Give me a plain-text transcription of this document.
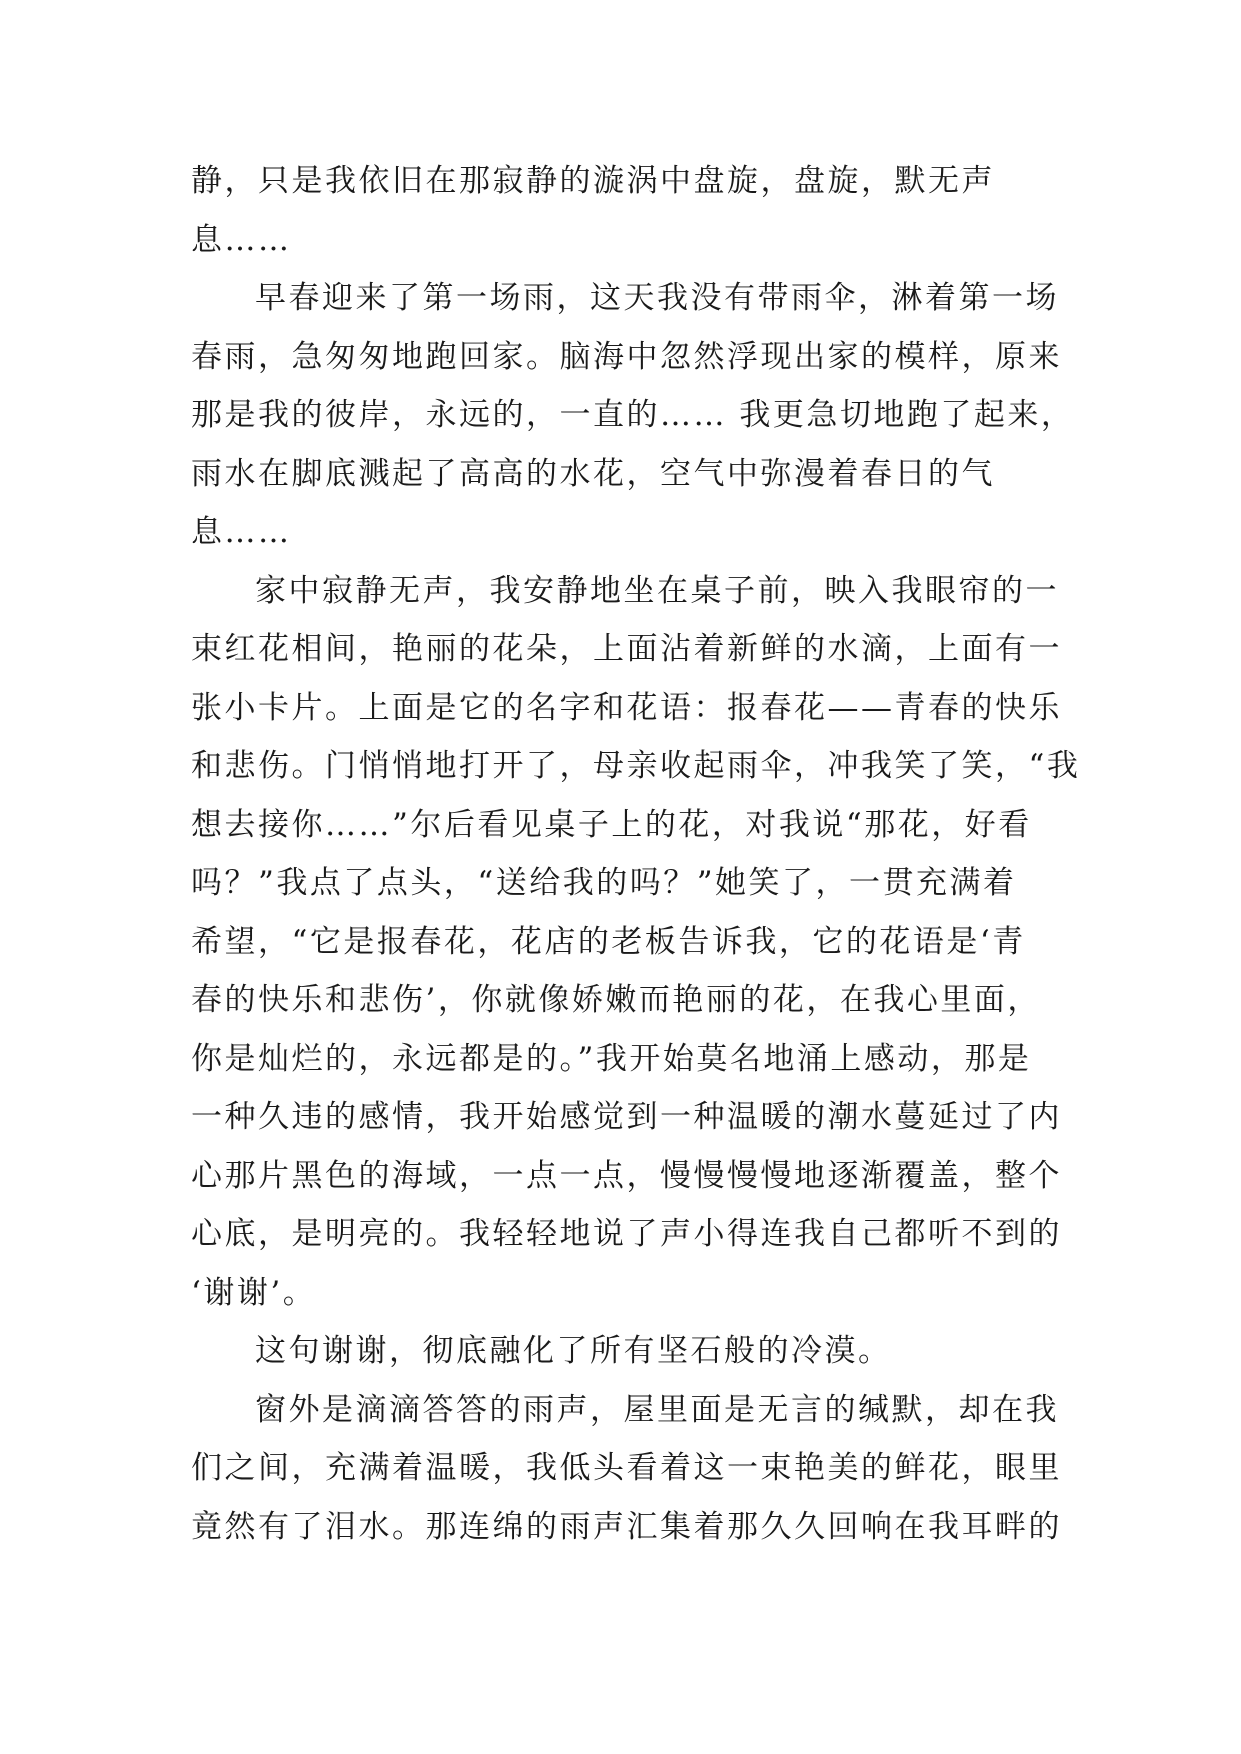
静，只是我依旧在那寂静的漩涡中盘旋，盘旋，默无声
息……
早春迎来了第一场雨，这天我没有带雨伞，淋着第一场
春雨，急匆匆地跑回家。脑海中忽然浮现出家的模样，原来
那是我的彼岸，永远的，一直的…… 我更急切地跑了起来，
雨水在脚底溅起了高高的水花，空气中弥漫着春日的气
息……
家中寂静无声，我安静地坐在桌子前，映入我眼帘的一
束红花相间，艳丽的花朵，上面沾着新鲜的水滴，上面有一
张小卡片。上面是它的名字和花语：报春花——青春的快乐
和悲伤。门悄悄地打开了，母亲收起雨伞，冲我笑了笑，“我
想去接你……”尔后看见桌子上的花，对我说“那花，好看
吗？”我点了点头，“送给我的吗？”她笑了，一贯充满着
希望，“它是报春花，花店的老板告诉我，它的花语是‘青
春的快乐和悲伤’，你就像娇嫩而艳丽的花，在我心里面，
你是灿烂的，永远都是的。”我开始莫名地涌上感动，那是
一种久违的感情，我开始感觉到一种温暖的潮水蔓延过了内
心那片黑色的海域，一点一点，慢慢慢慢地逐渐覆盖，整个
心底，是明亮的。我轻轻地说了声小得连我自己都听不到的
‘谢谢’。
这句谢谢，彻底融化了所有坚石般的冷漠。
窗外是滴滴答答的雨声，屋里面是无言的缄默，却在我
们之间，充满着温暖，我低头看着这一束艳美的鲜花，眼里
竟然有了泪水。那连绵的雨声汇集着那久久回响在我耳畔的
